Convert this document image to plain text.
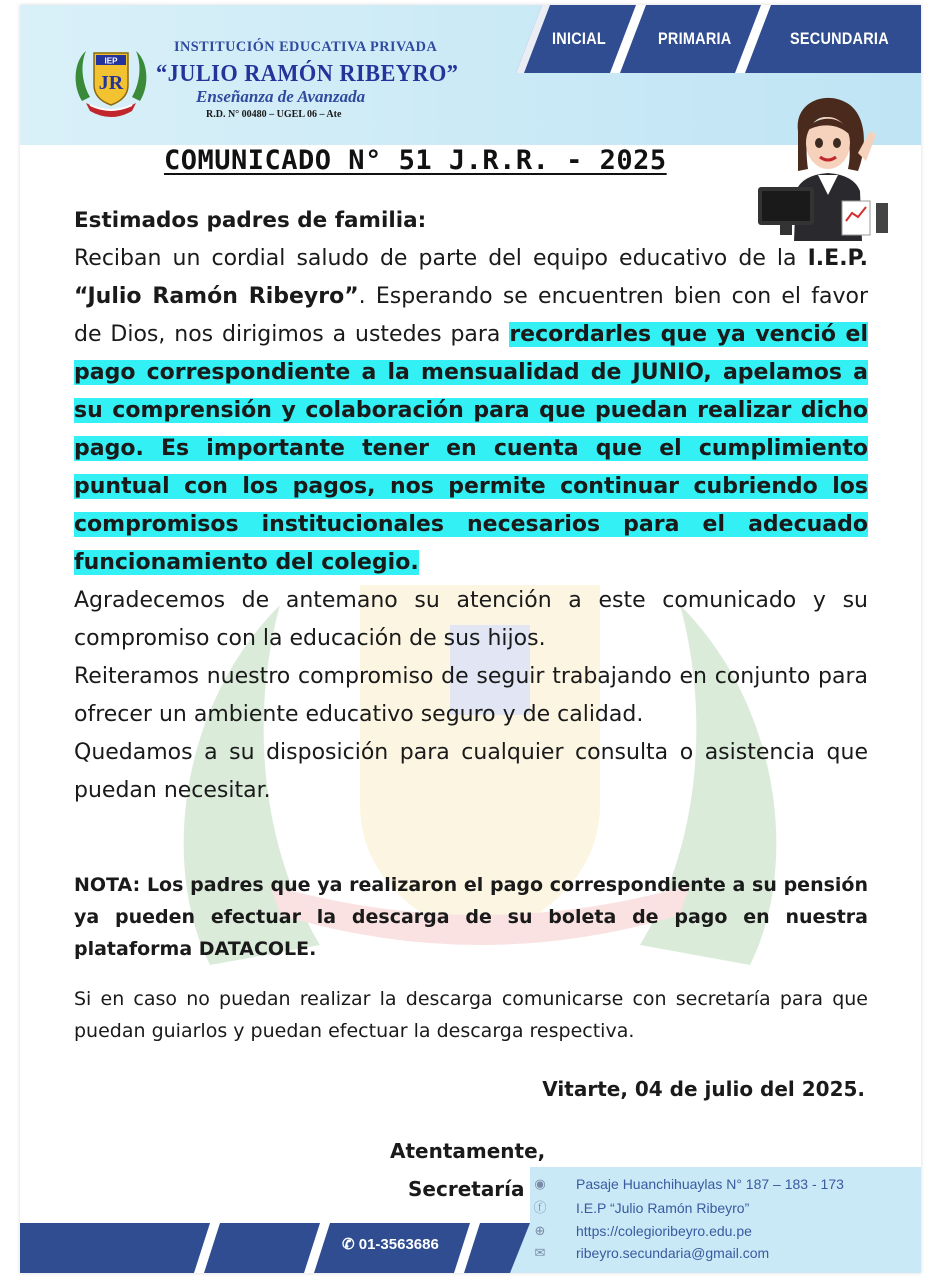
INICIAL	PRIMARIA	SECUNDARIA
IEP
JR
INSTITUCIÓN EDUCATIVA PRIVADA
“JULIO RAMÓN RIBEYRO”
Enseñanza de Avanzada
R.D. N° 00480 – UGEL 06 – Ate
COMUNICADO N° 51 J.R.R. - 2025

Estimados padres de familia:

Reciban un cordial saludo de parte del equipo educativo de la I.E.P. “Julio Ramón Ribeyro”. Esperando se encuentren bien con el favor de Dios, nos dirigimos a ustedes para recordarles que ya venció el pago correspondiente a la mensualidad de JUNIO, apelamos a su comprensión y colaboración para que puedan realizar dicho pago. Es importante tener en cuenta que el cumplimiento puntual con los pagos, nos permite continuar cubriendo los compromisos institucionales necesarios para el adecuado funcionamiento del colegio.

Agradecemos de antemano su atención a este comunicado y su compromiso con la educación de sus hijos.

Reiteramos nuestro compromiso de seguir trabajando en conjunto para ofrecer un ambiente educativo seguro y de calidad.

Quedamos a su disposición para cualquier consulta o asistencia que puedan necesitar.

NOTA: Los padres que ya realizaron el pago correspondiente a su pensión ya pueden efectuar la descarga de su boleta de pago en nuestra plataforma DATACOLE.

Si en caso no puedan realizar la descarga comunicarse con secretaría para que puedan guiarlos y puedan efectuar la descarga respectiva.

Vitarte, 04 de julio del 2025.
Atentamente,
Secretaría
✆ 01-3563686
◉ Pasaje Huanchihuaylas N° 187 – 183 - 173
ⓕ I.E.P “Julio Ramón Ribeyro”
⊕ https://colegioribeyro.edu.pe
✉ ribeyro.secundaria@gmail.com
